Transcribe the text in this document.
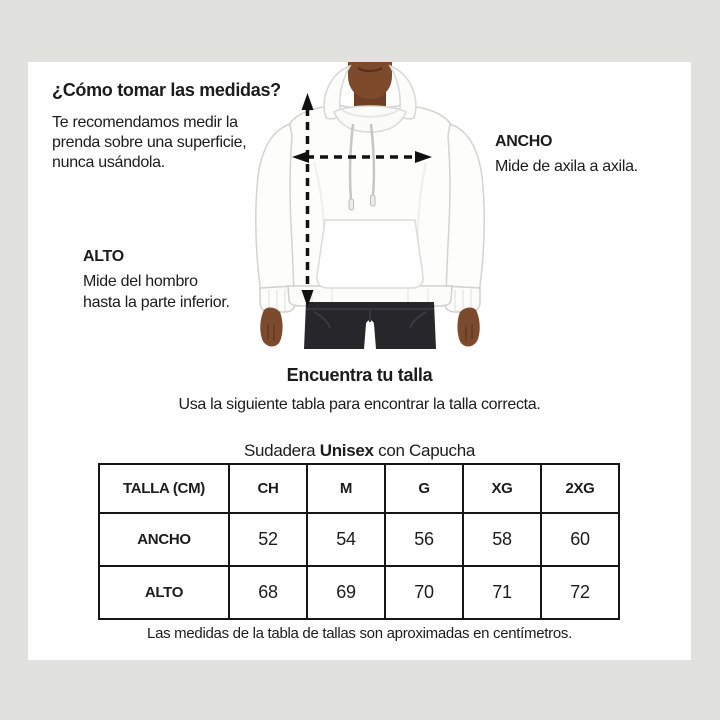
¿Cómo tomar las medidas?
Te recomendamos medir la
prenda sobre una superficie,
nunca usándola.
ANCHO
Mide de axila a axila.
ALTO
Mide del hombro
hasta la parte inferior.
Encuentra tu talla
Usa la siguiente tabla para encontrar la talla correcta.
Sudadera Unisex con Capucha
TALLA (CM)	CH	M	G	XG	2XG
ANCHO	52	54	56	58	60
ALTO	68	69	70	71	72
Las medidas de la tabla de tallas son aproximadas en centímetros.
